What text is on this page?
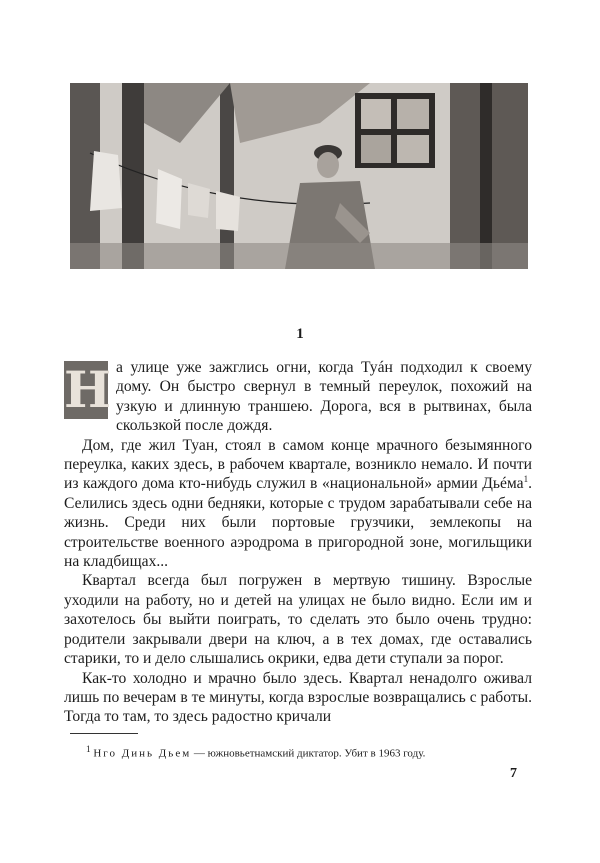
1

Н а улице уже зажглись огни, когда Туáн подходил к своему дому. Он быстро свернул в темный переулок, похожий на узкую и длинную траншею. Дорога, вся в рытвинах, была скользкой после дождя.

Дом, где жил Туан, стоял в самом конце мрачного безымянного переулка, каких здесь, в рабочем квартале, возникло немало. И почти из каждого дома кто-нибудь служил в «национальной» армии Дьéма$^1$. Селились здесь одни бедняки, которые с трудом зарабатывали себе на жизнь. Среди них были портовые грузчики, землекопы на строительстве военного аэродрома в пригородной зоне, могильщики на кладбищах...

Квартал всегда был погружен в мертвую тишину. Взрослые уходили на работу, но и детей на улицах не было видно. Если им и захотелось бы выйти поиграть, то сделать это было очень трудно: родители закрывали двери на ключ, а в тех домах, где оставались старики, то и дело слышались окрики, едва дети ступали за порог.

Как-то холодно и мрачно было здесь. Квартал ненадолго оживал лишь по вечерам в те минуты, когда взрослые возвращались с работы. Тогда то там, то здесь радостно кричали

$^1$ Нго Динь Дьем — южновьетнамский диктатор. Убит в 1963 году.
7
